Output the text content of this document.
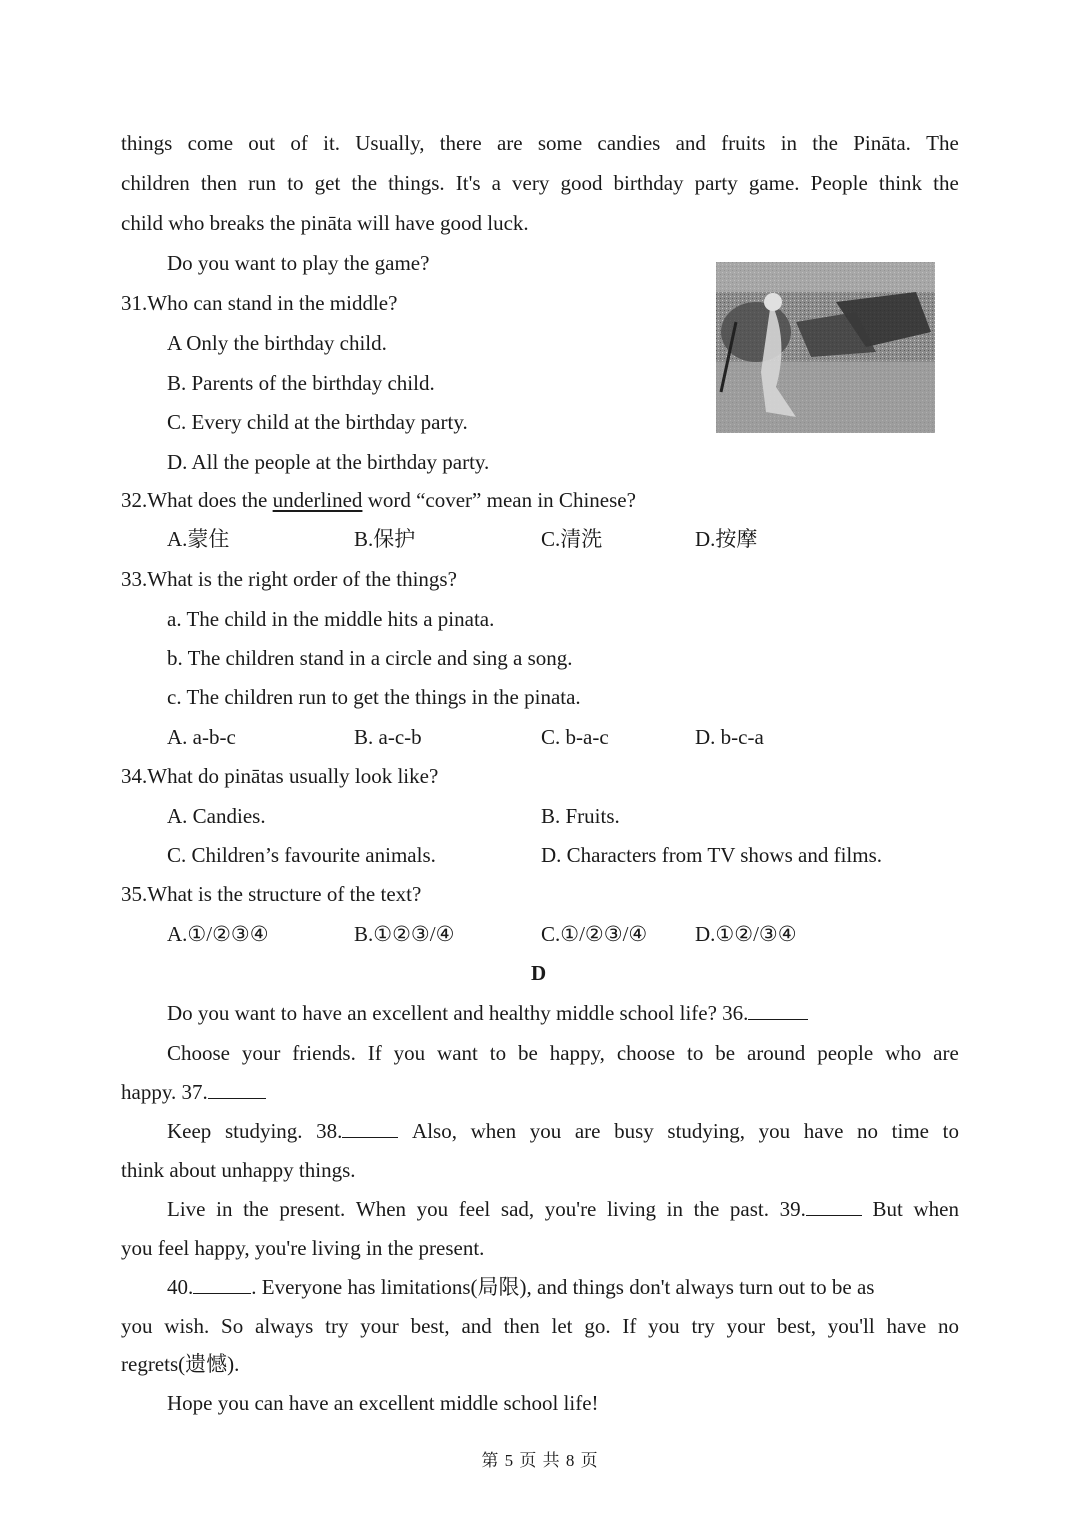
things come out of it. Usually, there are some candies and fruits in the Pināta. The
children then run to get the things. It's a very good birthday party game. People think the
child who breaks the pināta will have good luck.
Do you want to play the game?
31.Who can stand in the middle?
A Only the birthday child.
B. Parents of the birthday child.
C. Every child at the birthday party.
D. All the people at the birthday party.
32.What does the underlined word “cover” mean in Chinese?
A.蒙住	B.保护	C.清洗	D.按摩
33.What is the right order of the things?
a. The child in the middle hits a pinata.
b. The children stand in a circle and sing a song.
c. The children run to get the things in the pinata.
A. a-b-c	B. a-c-b	C. b-a-c	D. b-c-a
34.What do pinātas usually look like?
A. Candies.	B. Fruits.
C. Children’s favourite animals.	D. Characters from TV shows and films.
35.What is the structure of the text?
A.①/②③④	B.①②③/④	C.①/②③/④ D.①②/③④
D
Do you want to have an excellent and healthy middle school life? 36.
Choose your friends. If you want to be happy, choose to be around people who are
happy. 37.
Keep studying. 38.	Also, when you are busy studying, you have no time to
think about unhappy things.
Live in the present. When you feel sad, you're living in the past. 39.	But when
you feel happy, you're living in the present.
40.	. Everyone has limitations(局限), and things don't always turn out to be as
you wish. So always try your best, and then let go. If you try your best, you'll have no
regrets(遗憾).
Hope you can have an excellent middle school life!
第 5 页 共 8 页
